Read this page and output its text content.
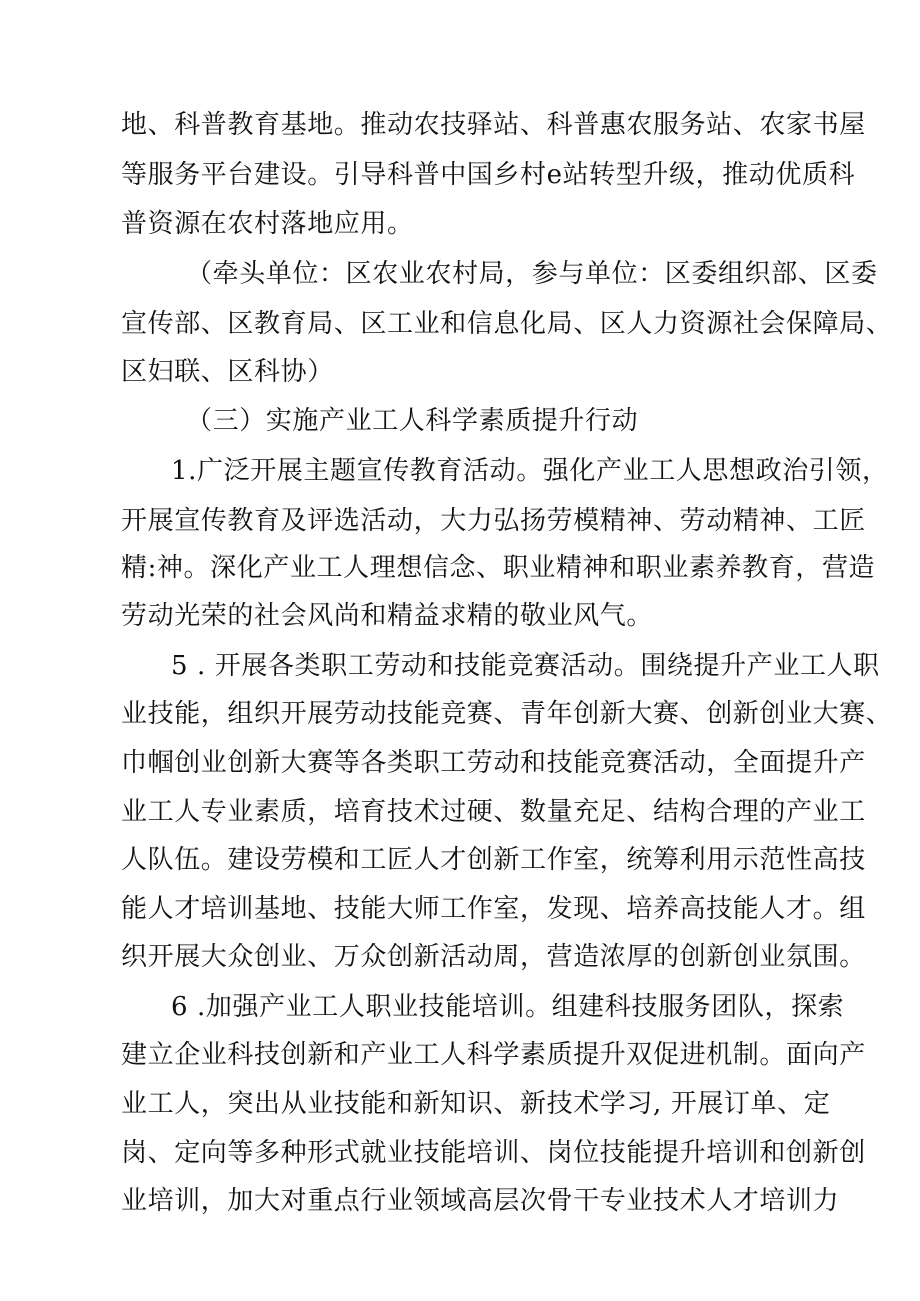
地、科普教育基地。推动农技驿站、科普惠农服务站、农家书屋
等服务平台建设。引导科普中国乡村e站转型升级，推动优质科
普资源在农村落地应用。
（牵头单位：区农业农村局，参与单位：区委组织部、区委
宣传部、区教育局、区工业和信息化局、区人力资源社会保障局、
区妇联、区科协）
（三）实施产业工人科学素质提升行动
1.广泛开展主题宣传教育活动。强化产业工人思想政治引领，
开展宣传教育及评选活动，大力弘扬劳模精神、劳动精神、工匠
精:神。深化产业工人理想信念、职业精神和职业素养教育，营造
劳动光荣的社会风尚和精益求精的敬业风气。
5 . 开展各类职工劳动和技能竞赛活动。围绕提升产业工人职
业技能，组织开展劳动技能竞赛、青年创新大赛、创新创业大赛、
巾帼创业创新大赛等各类职工劳动和技能竞赛活动，全面提升产
业工人专业素质，培育技术过硬、数量充足、结构合理的产业工
人队伍。建设劳模和工匠人才创新工作室，统筹利用示范性高技
能人才培训基地、技能大师工作室，发现、培养高技能人才。组
织开展大众创业、万众创新活动周，营造浓厚的创新创业氛围。
6 .加强产业工人职业技能培训。组建科技服务团队，探索
建立企业科技创新和产业工人科学素质提升双促进机制。面向产
业工人，突出从业技能和新知识、新技术学习, 开展订单、定
岗、定向等多种形式就业技能培训、岗位技能提升培训和创新创
业培训，加大对重点行业领域高层次骨干专业技术人才培训力
